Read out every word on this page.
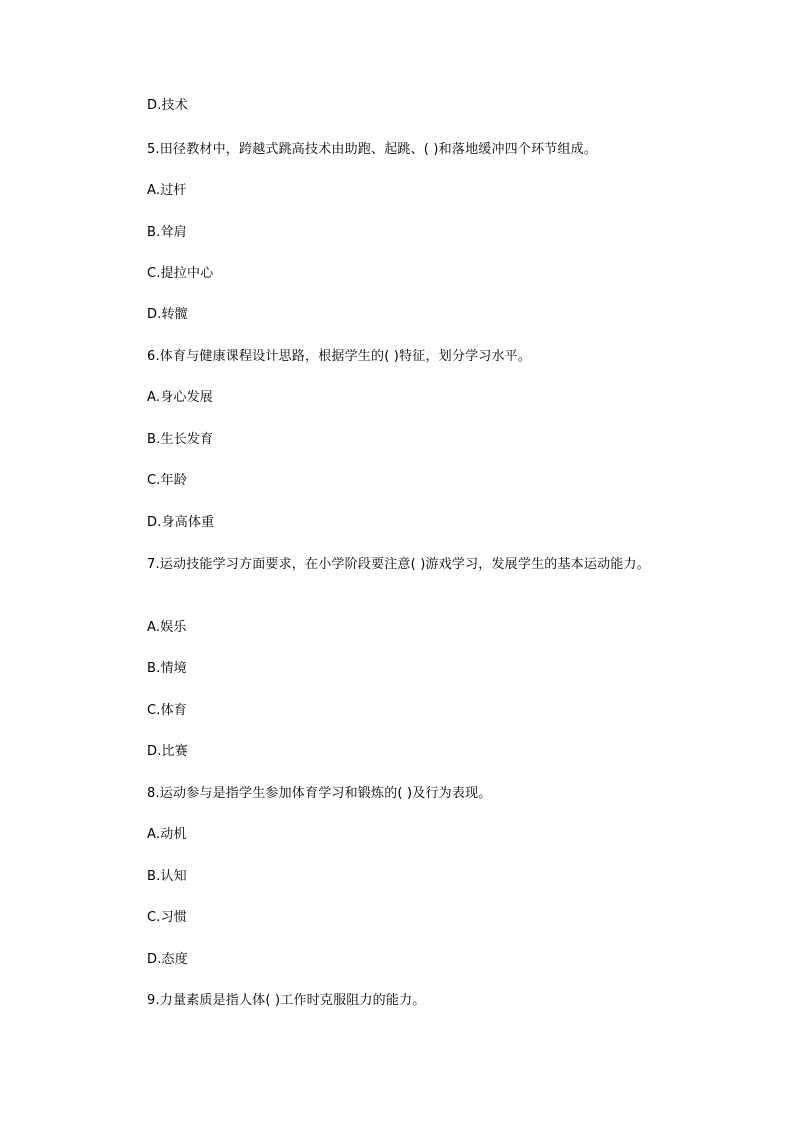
D.技术
5.田径教材中，跨越式跳高技术由助跑、起跳、( )和落地缓冲四个环节组成。
A.过杆
B.耸肩
C.提拉中心
D.转髋
6.体育与健康课程设计思路，根据学生的( )特征，划分学习水平。
A.身心发展
B.生长发育
C.年龄
D.身高体重
7.运动技能学习方面要求，在小学阶段要注意( )游戏学习，发展学生的基本运动能力。
A.娱乐
B.情境
C.体育
D.比赛
8.运动参与是指学生参加体育学习和锻炼的( )及行为表现。
A.动机
B.认知
C.习惯
D.态度
9.力量素质是指人体( )工作时克服阻力的能力。
